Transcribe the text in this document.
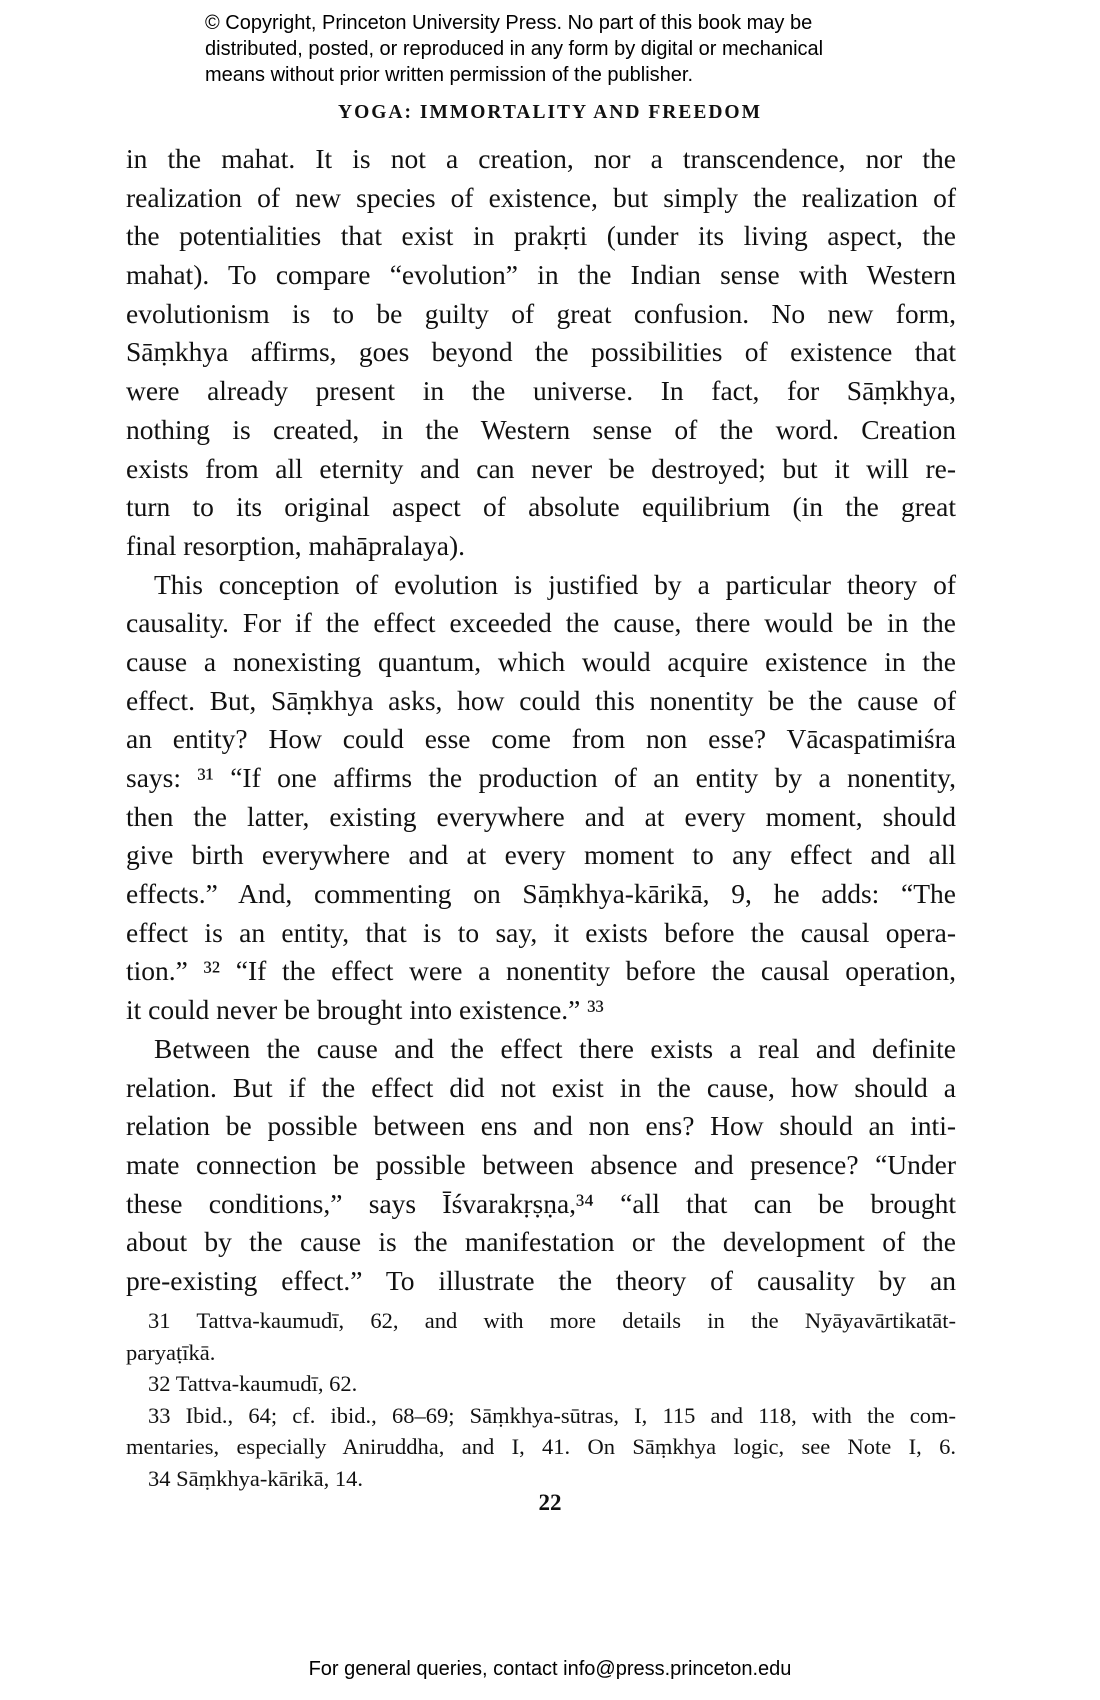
© Copyright, Princeton University Press. No part of this book may be
distributed, posted, or reproduced in any form by digital or mechanical
means without prior written permission of the publisher.
YOGA: IMMORTALITY AND FREEDOM
in the mahat. It is not a creation, nor a transcendence, nor the
realization of new species of existence, but simply the realization of
the potentialities that exist in prakṛti (under its living aspect, the
mahat). To compare “evolution” in the Indian sense with Western
evolutionism is to be guilty of great confusion. No new form,
Sāṃkhya affirms, goes beyond the possibilities of existence that
were already present in the universe. In fact, for Sāṃkhya,
nothing is created, in the Western sense of the word. Creation
exists from all eternity and can never be destroyed; but it will re-
turn to its original aspect of absolute equilibrium (in the great
final resorption, mahāpralaya).
This conception of evolution is justified by a particular theory of
causality. For if the effect exceeded the cause, there would be in the
cause a nonexisting quantum, which would acquire existence in the
effect. But, Sāṃkhya asks, how could this nonentity be the cause of
an entity? How could esse come from non esse? Vācaspatimiśra
says: ³¹ “If one affirms the production of an entity by a nonentity,
then the latter, existing everywhere and at every moment, should
give birth everywhere and at every moment to any effect and all
effects.” And, commenting on Sāṃkhya-kārikā, 9, he adds: “The
effect is an entity, that is to say, it exists before the causal opera-
tion.” ³² “If the effect were a nonentity before the causal operation,
it could never be brought into existence.” ³³
Between the cause and the effect there exists a real and definite
relation. But if the effect did not exist in the cause, how should a
relation be possible between ens and non ens? How should an inti-
mate connection be possible between absence and presence? “Under
these conditions,” says Īśvarakṛṣṇa,³⁴ “all that can be brought
about by the cause is the manifestation or the development of the
pre-existing effect.” To illustrate the theory of causality by an
31 Tattva-kaumudī, 62, and with more details in the Nyāyavārtikatāt-
paryaṭīkā.
32 Tattva-kaumudī, 62.
33 Ibid., 64; cf. ibid., 68–69; Sāṃkhya-sūtras, I, 115 and 118, with the com-
mentaries, especially Aniruddha, and I, 41. On Sāṃkhya logic, see Note I, 6.
34 Sāṃkhya-kārikā, 14.
22
For general queries, contact info@press.princeton.edu
